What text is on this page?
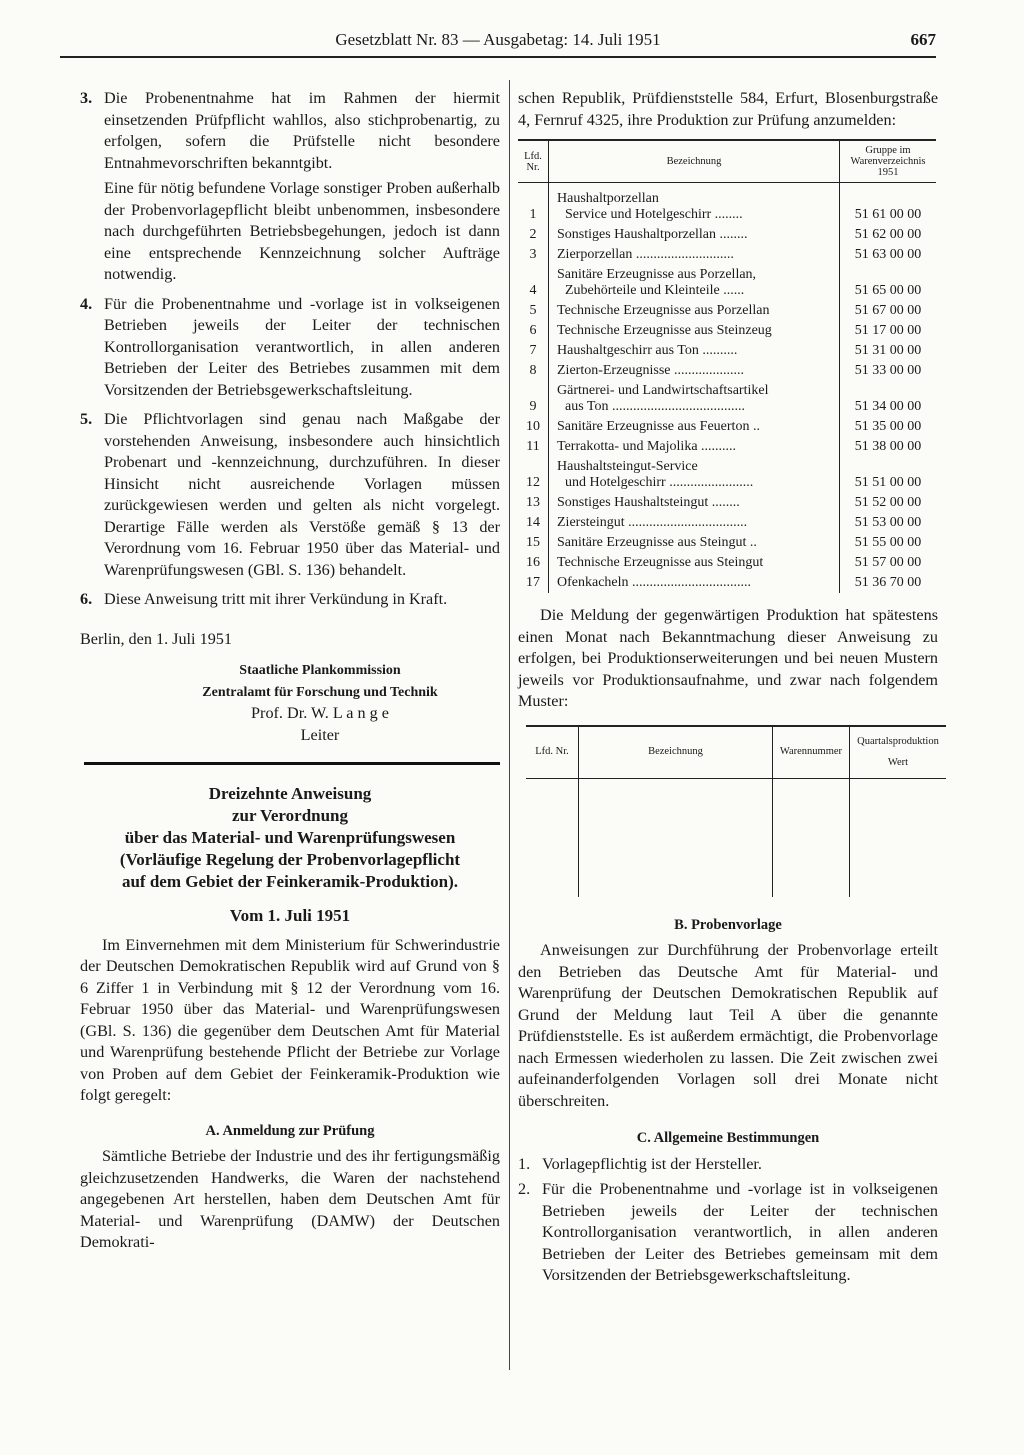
Gesetzblatt Nr. 83 — Ausgabetag: 14. Juli 1951	667
3. Die Probenentnahme hat im Rahmen der hiermit einsetzenden Prüfpflicht wahllos, also stichprobenartig, zu erfolgen, sofern die Prüfstelle nicht besondere Entnahmevorschriften bekanntgibt.
Eine für nötig befundene Vorlage sonstiger Proben außerhalb der Probenvorlagepflicht bleibt unbenommen, insbesondere nach durchgeführten Betriebsbegehungen, jedoch ist dann eine entsprechende Kennzeichnung solcher Aufträge notwendig.
4. Für die Probenentnahme und -vorlage ist in volkseigenen Betrieben jeweils der Leiter der technischen Kontrollorganisation verantwortlich, in allen anderen Betrieben der Leiter des Betriebes zusammen mit dem Vorsitzenden der Betriebsgewerkschaftsleitung.
5. Die Pflichtvorlagen sind genau nach Maßgabe der vorstehenden Anweisung, insbesondere auch hinsichtlich Probenart und -kennzeichnung, durchzuführen. In dieser Hinsicht nicht ausreichende Vorlagen müssen zurückgewiesen werden und gelten als nicht vorgelegt. Derartige Fälle werden als Verstöße gemäß § 13 der Verordnung vom 16. Februar 1950 über das Material- und Warenprüfungswesen (GBl. S. 136) behandelt.
6. Diese Anweisung tritt mit ihrer Verkündung in Kraft.
Berlin, den 1. Juli 1951
Staatliche Plankommission
Zentralamt für Forschung und Technik
Prof. Dr. W. L a n g e
Leiter
Dreizehnte Anweisung
zur Verordnung
über das Material- und Warenprüfungswesen
(Vorläufige Regelung der Probenvorlagepflicht
auf dem Gebiet der Feinkeramik-Produktion).
Vom 1. Juli 1951
Im Einvernehmen mit dem Ministerium für Schwerindustrie der Deutschen Demokratischen Republik wird auf Grund von § 6 Ziffer 1 in Verbindung mit § 12 der Verordnung vom 16. Februar 1950 über das Material- und Warenprüfungswesen (GBl. S. 136) die gegenüber dem Deutschen Amt für Material und Warenprüfung bestehende Pflicht der Betriebe zur Vorlage von Proben auf dem Gebiet der Feinkeramik-Produktion wie folgt geregelt:
A. Anmeldung zur Prüfung
Sämtliche Betriebe der Industrie und des ihr fertigungsmäßig gleichzusetzenden Handwerks, die Waren der nachstehend angegebenen Art herstellen, haben dem Deutschen Amt für Material- und Warenprüfung (DAMW) der Deutschen Demokrati-
schen Republik, Prüfdienststelle 584, Erfurt, Blosenburgstraße 4, Fernruf 4325, ihre Produktion zur Prüfung anzumelden:
Lfd. Nr.	Bezeichnung	Gruppe im Warenverzeichnis 1951
1	Haushaltporzellan
Service und Hotelgeschirr ........	51 61 00 00
2	Sonstiges Haushaltporzellan ........	51 62 00 00
3	Zierporzellan ............................	51 63 00 00
4	Sanitäre Erzeugnisse aus Porzellan,
Zubehörteile und Kleinteile ......	51 65 00 00
5	Technische Erzeugnisse aus Porzellan	51 67 00 00
6	Technische Erzeugnisse aus Steinzeug	51 17 00 00
7	Haushaltgeschirr aus Ton ..........	51 31 00 00
8	Zierton-Erzeugnisse ....................	51 33 00 00
9	Gärtnerei- und Landwirtschaftsartikel
aus Ton ......................................	51 34 00 00
10	Sanitäre Erzeugnisse aus Feuerton ..	51 35 00 00
11	Terrakotta- und Majolika ..........	51 38 00 00
12	Haushaltsteingut-Service
und Hotelgeschirr ........................	51 51 00 00
13	Sonstiges Haushaltsteingut ........	51 52 00 00
14	Ziersteingut ..................................	51 53 00 00
15	Sanitäre Erzeugnisse aus Steingut ..	51 55 00 00
16	Technische Erzeugnisse aus Steingut	51 57 00 00
17	Ofenkacheln ..................................	51 36 70 00
Die Meldung der gegenwärtigen Produktion hat spätestens einen Monat nach Bekanntmachung dieser Anweisung zu erfolgen, bei Produktionserweiterungen und bei neuen Mustern jeweils vor Produktionsaufnahme, und zwar nach folgendem Muster:
Lfd. Nr.	Bezeichnung	Warennummer	Quartalsproduktion Wert

B. Probenvorlage
Anweisungen zur Durchführung der Probenvorlage erteilt den Betrieben das Deutsche Amt für Material- und Warenprüfung der Deutschen Demokratischen Republik auf Grund der Meldung laut Teil A über die genannte Prüfdienststelle. Es ist außerdem ermächtigt, die Probenvorlage nach Ermessen wiederholen zu lassen. Die Zeit zwischen zwei aufeinanderfolgenden Vorlagen soll drei Monate nicht überschreiten.
C. Allgemeine Bestimmungen
1. Vorlagepflichtig ist der Hersteller.
2. Für die Probenentnahme und -vorlage ist in volkseigenen Betrieben jeweils der Leiter der technischen Kontrollorganisation verantwortlich, in allen anderen Betrieben der Leiter des Betriebes gemeinsam mit dem Vorsitzenden der Betriebsgewerkschaftsleitung.
